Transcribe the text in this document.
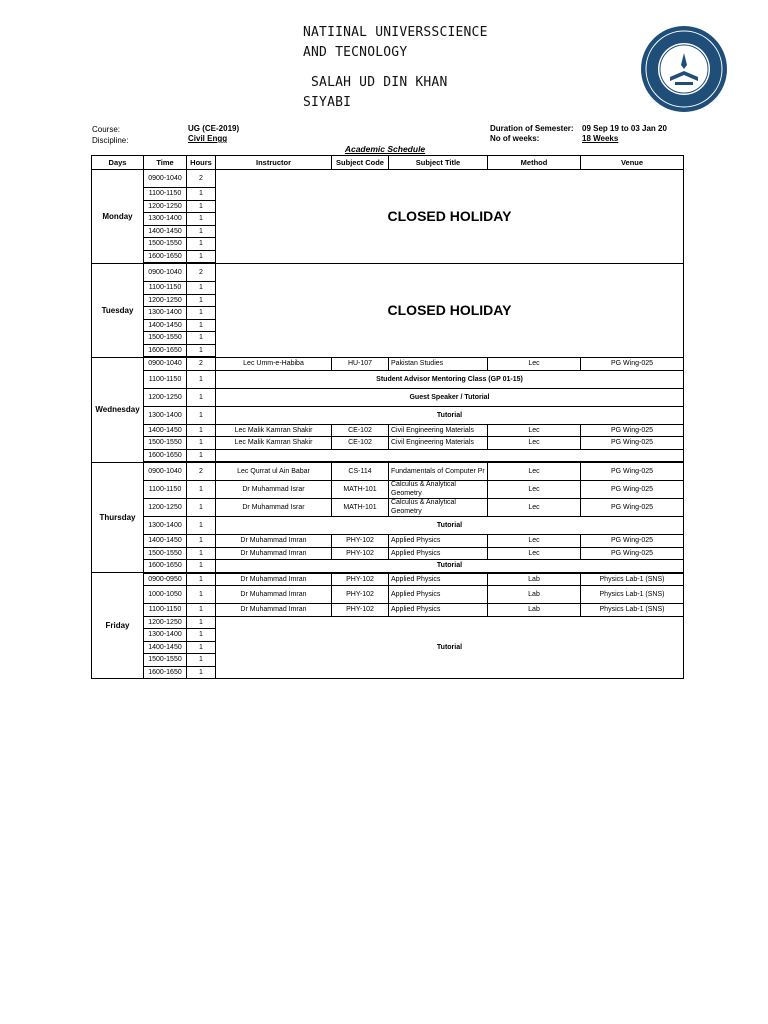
NATIINAL UNIVERSSCIENCE
AND TECNOLOGY
SALAH UD DIN KHAN
SIYABI
Course:	UG (CE-2019)
Discipline:	Civil Engg
Duration of Semester: 09 Sep 19 to 03 Jan 20
No of weeks:	18 Weeks
Academic Schedule
Days	Time	Hours	Instructor	Subject Code	Subject Title	Method	Venue
Monday	0900-1040	2	CLOSED HOLIDAY				
	1100-1150	1					
	1200-1250	1					
	1300-1400	1					
	1400-1450	1					
	1500-1550	1					
	1600-1650	1					
Tuesday	0900-1040	2	CLOSED HOLIDAY				
	1100-1150	1					
	1200-1250	1					
	1300-1400	1					
	1400-1450	1					
	1500-1550	1					
	1600-1650	1					
Wednesday	0900-1040	2	Lec Umm-e-Habiba	HU-107	Pakistan Studies	Lec	PG Wing-025
	1100-1150	1	Student Advisor Mentoring Class (GP 01-15)				
	1200-1250	1	Guest Speaker / Tutorial				
	1300-1400	1	Tutorial				
	1400-1450	1	Lec Malik Kamran Shakir	CE-102	Civil Engineering Materials	Lec	PG Wing-025
	1500-1550	1	Lec Malik Kamran Shakir	CE-102	Civil Engineering Materials	Lec	PG Wing-025
	1600-1650	1					
Thursday	0900-1040	2	Lec Qurrat ul Ain Babar	CS-114	Fundamentals of Computer Pr	Lec	PG Wing-025
	1100-1150	1	Dr Muhammad Israr	MATH-101	Calculus & Analytical Geometry	Lec	PG Wing-025
	1200-1250	1	Dr Muhammad Israr	MATH-101	Calculus & Analytical Geometry	Lec	PG Wing-025
	1300-1400	1	Tutorial				
	1400-1450	1	Dr Muhammad Imran	PHY-102	Applied Physics	Lec	PG Wing-025
	1500-1550	1	Dr Muhammad Imran	PHY-102	Applied Physics	Lec	PG Wing-025
	1600-1650	1	Tutorial				
Friday	0900-0950	1	Dr Muhammad Imran	PHY-102	Applied Physics	Lab	Physics Lab-1 (SNS)
	1000-1050	1	Dr Muhammad Imran	PHY-102	Applied Physics	Lab	Physics Lab-1 (SNS)
	1100-1150	1	Dr Muhammad Imran	PHY-102	Applied Physics	Lab	Physics Lab-1 (SNS)
	1200-1250	1	Tutorial				
	1300-1400	1					
	1400-1450	1					
	1500-1550	1					
	1600-1650	1					
